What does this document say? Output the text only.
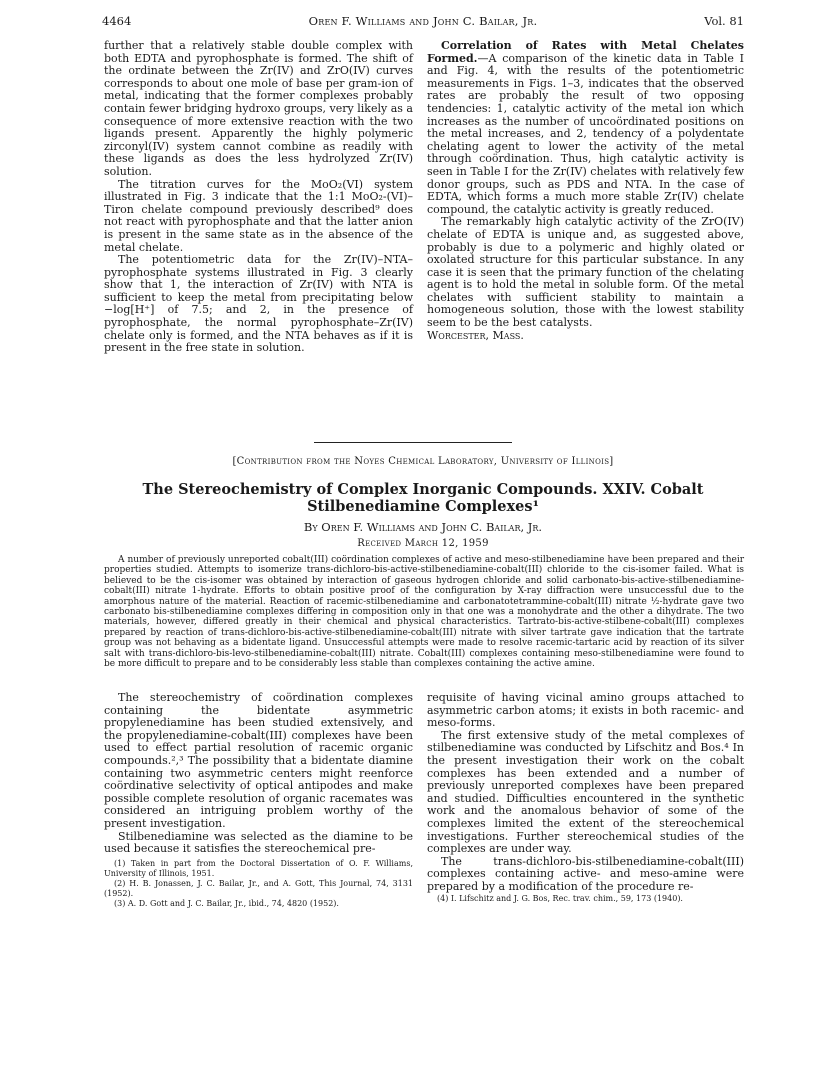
4464	Oren F. Williams and John C. Bailar, Jr.	Vol. 81

further that a relatively stable double complex with both EDTA and pyrophosphate is formed. The shift of the ordinate between the Zr(IV) and ZrO(IV) curves corresponds to about one mole of base per gram-ion of metal, indicating that the former complexes probably contain fewer bridging hydroxo groups, very likely as a consequence of more extensive reaction with the two ligands present. Apparently the highly polymeric zirconyl(IV) system cannot combine as readily with these ligands as does the less hydrolyzed Zr(IV) solution.

The titration curves for the MoO₂(VI) system illustrated in Fig. 3 indicate that the 1:1 MoO₂-(VI)–Tiron chelate compound previously described⁹ does not react with pyrophosphate and that the latter anion is present in the same state as in the absence of the metal chelate.

The potentiometric data for the Zr(IV)–NTA–pyrophosphate systems illustrated in Fig. 3 clearly show that 1, the interaction of Zr(IV) with NTA is sufficient to keep the metal from precipitating below −log[H⁺] of 7.5; and 2, in the presence of pyrophosphate, the normal pyrophosphate–Zr(IV) chelate only is formed, and the NTA behaves as if it is present in the free state in solution.

Correlation of Rates with Metal Chelates Formed.—A comparison of the kinetic data in Table I and Fig. 4, with the results of the potentiometric measurements in Figs. 1–3, indicates that the observed rates are probably the result of two opposing tendencies: 1, catalytic activity of the metal ion which increases as the number of uncoördinated positions on the metal increases, and 2, tendency of a polydentate chelating agent to lower the activity of the metal through coördination. Thus, high catalytic activity is seen in Table I for the Zr(IV) chelates with relatively few donor groups, such as PDS and NTA. In the case of EDTA, which forms a much more stable Zr(IV) chelate compound, the catalytic activity is greatly reduced.

The remarkably high catalytic activity of the ZrO(IV) chelate of EDTA is unique and, as suggested above, probably is due to a polymeric and highly olated or oxolated structure for this particular substance. In any case it is seen that the primary function of the chelating agent is to hold the metal in soluble form. Of the metal chelates with sufficient stability to maintain a homogeneous solution, those with the lowest stability seem to be the best catalysts.

Worcester, Mass.

[Contribution from the Noyes Chemical Laboratory, University of Illinois]
The Stereochemistry of Complex Inorganic Compounds. XXIV. Cobalt
Stilbenediamine Complexes¹

By Oren F. Williams and John C. Bailar, Jr.

Received March 12, 1959

A number of previously unreported cobalt(III) coördination complexes of active and meso-stilbenediamine have been prepared and their properties studied. Attempts to isomerize trans-dichloro-bis-active-stilbenediamine-cobalt(III) chloride to the cis-isomer failed. What is believed to be the cis-isomer was obtained by interaction of gaseous hydrogen chloride and solid carbonato-bis-active-stilbenediamine-cobalt(III) nitrate 1-hydrate. Efforts to obtain positive proof of the configuration by X-ray diffraction were unsuccessful due to the amorphous nature of the material. Reaction of racemic-stilbenediamine and carbonatotetrammine-cobalt(III) nitrate ½-hydrate gave two carbonato bis-stilbenediamine complexes differing in composition only in that one was a monohydrate and the other a dihydrate. The two materials, however, differed greatly in their chemical and physical characteristics. Tartrato-bis-active-stilbene-cobalt(III) complexes prepared by reaction of trans-dichloro-bis-active-stilbenediamine-cobalt(III) nitrate with silver tartrate gave indication that the tartrate group was not behaving as a bidentate ligand. Unsuccessful attempts were made to resolve racemic-tartaric acid by reaction of its silver salt with trans-dichloro-bis-levo-stilbenediamine-cobalt(III) nitrate. Cobalt(III) complexes containing meso-stilbenediamine were found to be more difficult to prepare and to be considerably less stable than complexes containing the active amine.

The stereochemistry of coördination complexes containing the bidentate asymmetric propylenediamine has been studied extensively, and the propylenediamine-cobalt(III) complexes have been used to effect partial resolution of racemic organic compounds.²,³ The possibility that a bidentate diamine containing two asymmetric centers might reenforce coördinative selectivity of optical antipodes and make possible complete resolution of organic racemates was considered an intriguing problem worthy of the present investigation.

Stilbenediamine was selected as the diamine to be used because it satisfies the stereochemical pre-

(1) Taken in part from the Doctoral Dissertation of O. F. Williams, University of Illinois, 1951.

(2) H. B. Jonassen, J. C. Bailar, Jr., and A. Gott, This Journal, 74, 3131 (1952).

(3) A. D. Gott and J. C. Bailar, Jr., ibid., 74, 4820 (1952).

requisite of having vicinal amino groups attached to asymmetric carbon atoms; it exists in both racemic- and meso-forms.

The first extensive study of the metal complexes of stilbenediamine was conducted by Lifschitz and Bos.⁴ In the present investigation their work on the cobalt complexes has been extended and a number of previously unreported complexes have been prepared and studied. Difficulties encountered in the synthetic work and the anomalous behavior of some of the complexes limited the extent of the stereochemical investigations. Further stereochemical studies of the complexes are under way.

The trans-dichloro-bis-stilbenediamine-cobalt(III) complexes containing active- and meso-amine were prepared by a modification of the procedure re-

(4) I. Lifschitz and J. G. Bos, Rec. trav. chim., 59, 173 (1940).
